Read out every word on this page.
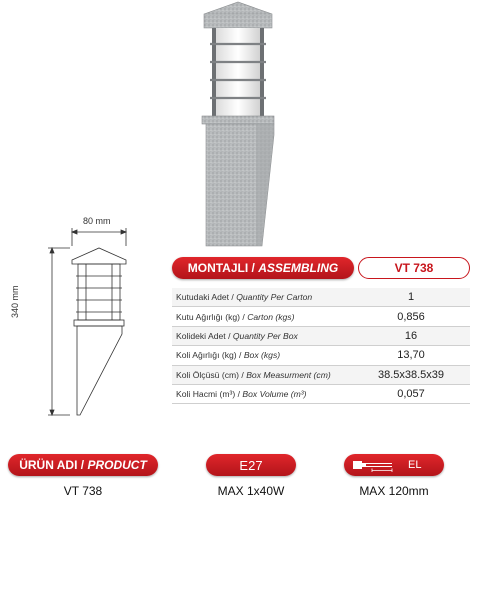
80 mm
340 mm
MONTAJLI / ASSEMBLING	VT 738
Kutudaki Adet / Quantity Per Carton	1
Kutu Ağırlığı (kg) / Carton (kgs)	0,856
Kolideki Adet / Quantity Per Box	16
Koli Ağırlığı (kg) / Box (kgs)	13,70
Koli Ölçüsü (cm) / Box Measurment (cm)	38.5x38.5x39
Koli Hacmi (m³) / Box Volume (m³)	0,057
ÜRÜN ADI / PRODUCT	E27	EL
VT 738	MAX 1x40W	MAX 120mm
